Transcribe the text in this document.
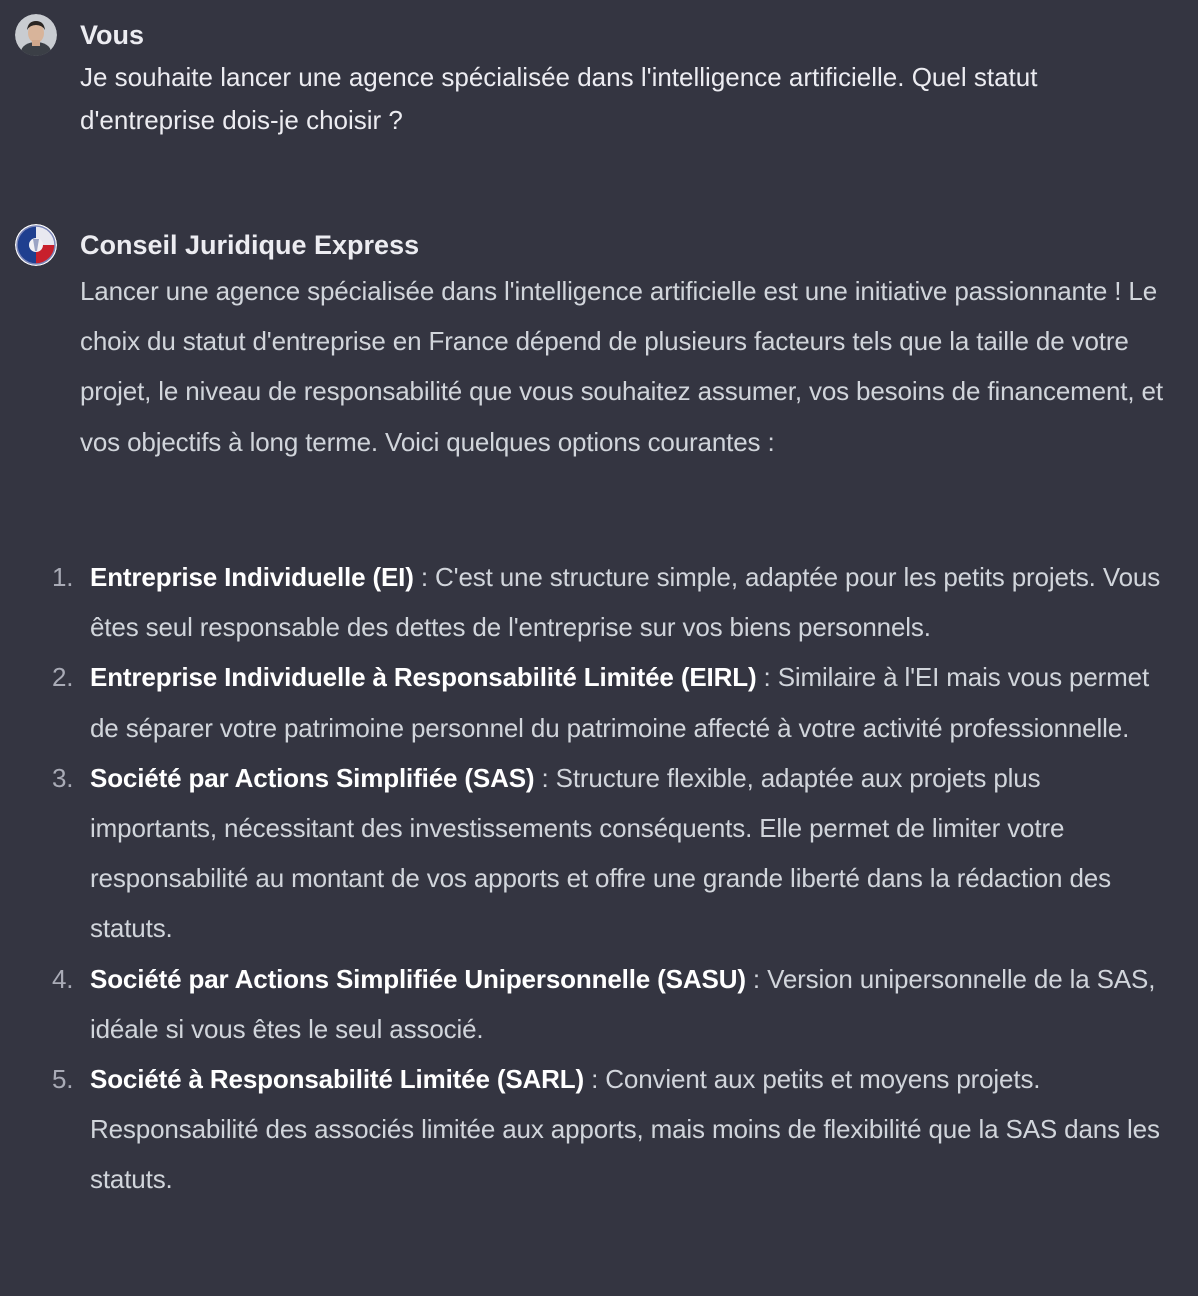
Vous
Je souhaite lancer une agence spécialisée dans l'intelligence artificielle. Quel statut d'entreprise dois-je choisir ?
Conseil Juridique Express
Lancer une agence spécialisée dans l'intelligence artificielle est une initiative passionnante ! Le choix du statut d'entreprise en France dépend de plusieurs facteurs tels que la taille de votre projet, le niveau de responsabilité que vous souhaitez assumer, vos besoins de financement, et vos objectifs à long terme. Voici quelques options courantes :
1. Entreprise Individuelle (EI) : C'est une structure simple, adaptée pour les petits projets. Vous êtes seul responsable des dettes de l'entreprise sur vos biens personnels.
2. Entreprise Individuelle à Responsabilité Limitée (EIRL) : Similaire à l'EI mais vous permet de séparer votre patrimoine personnel du patrimoine affecté à votre activité professionnelle.
3. Société par Actions Simplifiée (SAS) : Structure flexible, adaptée aux projets plus importants, nécessitant des investissements conséquents. Elle permet de limiter votre responsabilité au montant de vos apports et offre une grande liberté dans la rédaction des statuts.
4. Société par Actions Simplifiée Unipersonnelle (SASU) : Version unipersonnelle de la SAS, idéale si vous êtes le seul associé.
5. Société à Responsabilité Limitée (SARL) : Convient aux petits et moyens projets. Responsabilité des associés limitée aux apports, mais moins de flexibilité que la SAS dans les statuts.
